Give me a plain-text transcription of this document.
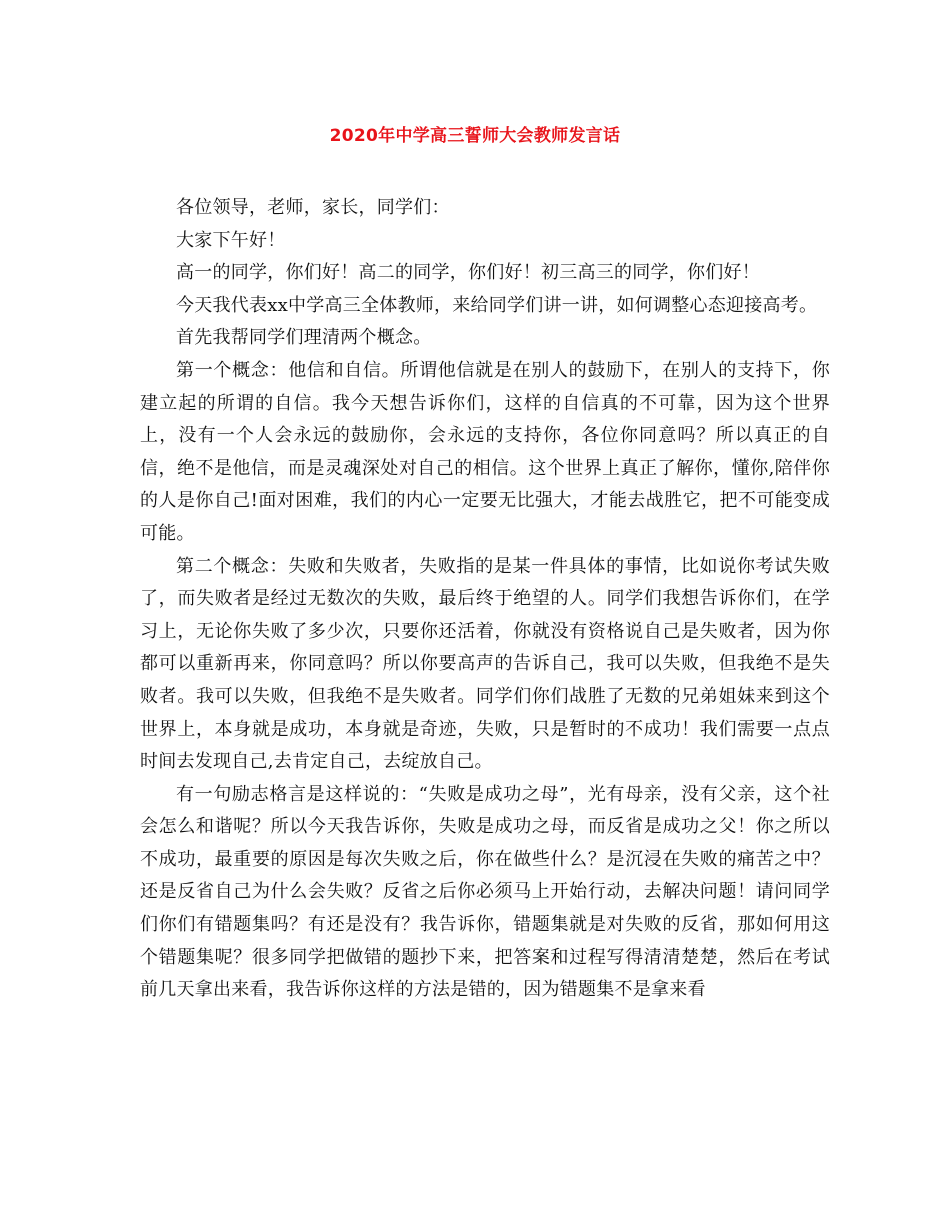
2020年中学高三誓师大会教师发言话

各位领导，老师，家长，同学们：

大家下午好！

高一的同学，你们好！高二的同学，你们好！初三高三的同学，你们好！

今天我代表xx中学高三全体教师，来给同学们讲一讲，如何调整心态迎接高考。

首先我帮同学们理清两个概念。

第一个概念：他信和自信。所谓他信就是在别人的鼓励下，在别人的支持下，你建立起的所谓的自信。我今天想告诉你们，这样的自信真的不可靠，因为这个世界上，没有一个人会永远的鼓励你，会永远的支持你，各位你同意吗？所以真正的自信，绝不是他信，而是灵魂深处对自己的相信。这个世界上真正了解你，懂你,陪伴你的人是你自己!面对困难，我们的内心一定要无比强大，才能去战胜它，把不可能变成可能。

第二个概念：失败和失败者，失败指的是某一件具体的事情，比如说你考试失败了，而失败者是经过无数次的失败，最后终于绝望的人。同学们我想告诉你们，在学习上，无论你失败了多少次，只要你还活着，你就没有资格说自己是失败者，因为你都可以重新再来，你同意吗？所以你要高声的告诉自己，我可以失败，但我绝不是失败者。我可以失败，但我绝不是失败者。同学们你们战胜了无数的兄弟姐妹来到这个世界上，本身就是成功，本身就是奇迹，失败，只是暂时的不成功！我们需要一点点时间去发现自己,去肯定自己，去绽放自己。

有一句励志格言是这样说的：“失败是成功之母”，光有母亲，没有父亲，这个社会怎么和谐呢？所以今天我告诉你，失败是成功之母，而反省是成功之父！你之所以不成功，最重要的原因是每次失败之后，你在做些什么？是沉浸在失败的痛苦之中？还是反省自己为什么会失败？反省之后你必须马上开始行动，去解决问题！请问同学们你们有错题集吗？有还是没有？我告诉你，错题集就是对失败的反省，那如何用这个错题集呢？很多同学把做错的题抄下来，把答案和过程写得清清楚楚，然后在考试前几天拿出来看，我告诉你这样的方法是错的，因为错题集不是拿来看
